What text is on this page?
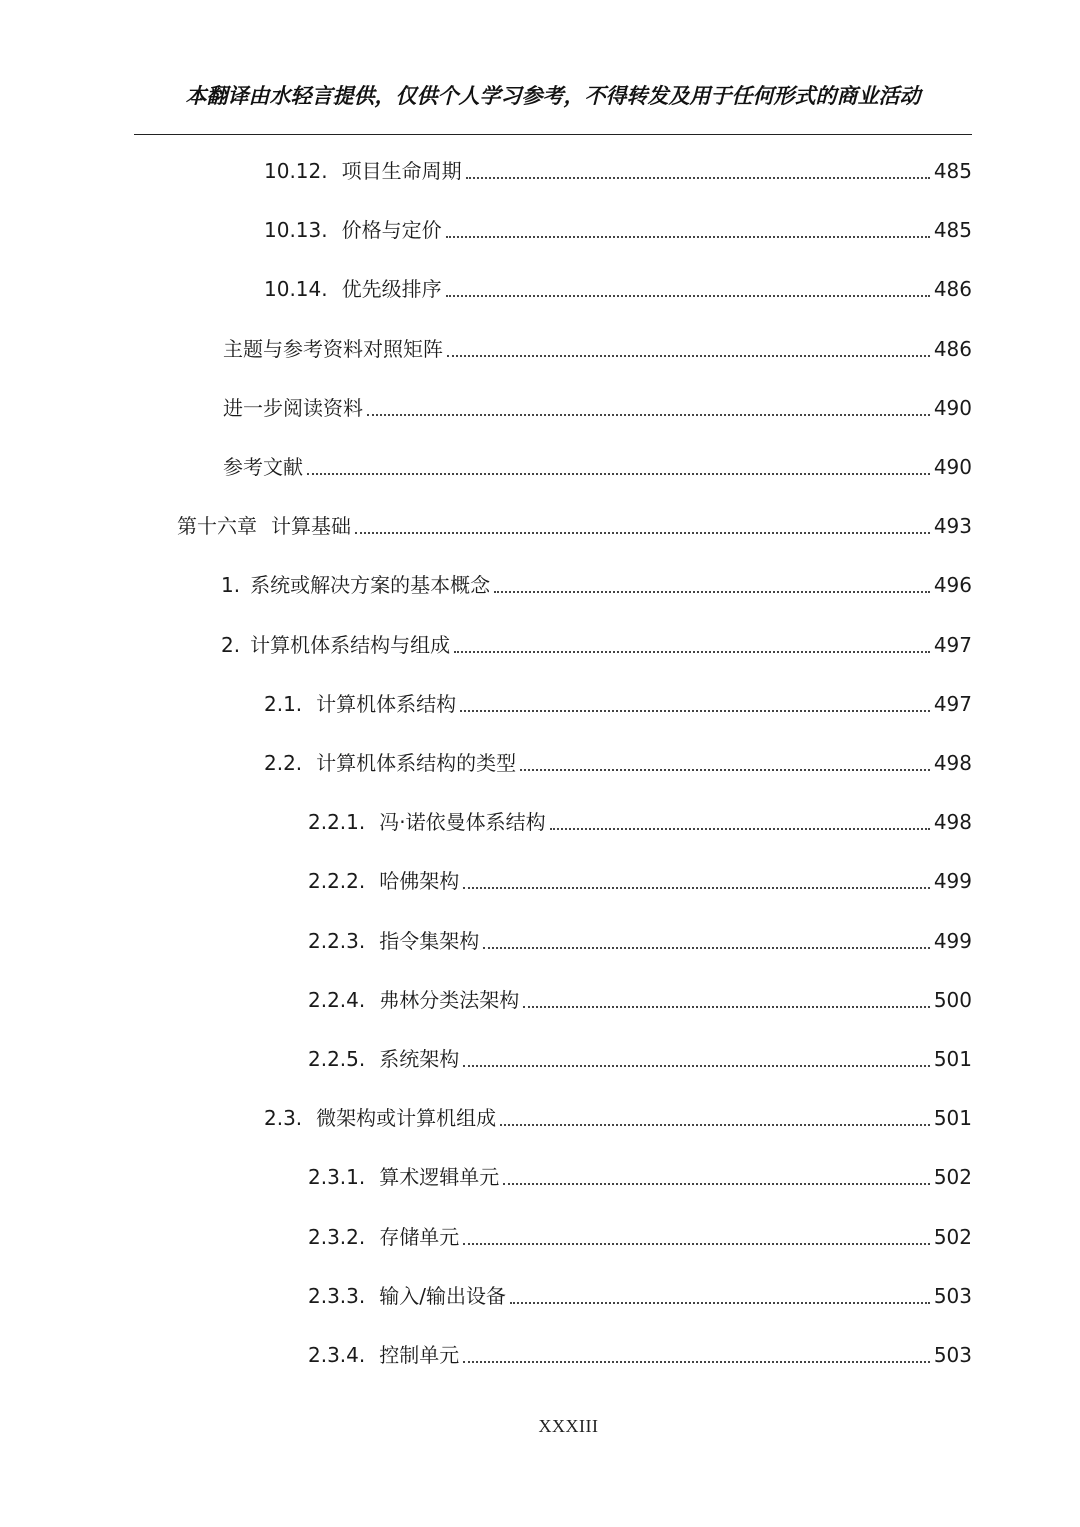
本翻译由水轻言提供，仅供个人学习参考，不得转发及用于任何形式的商业活动
10.12. 项目生命周期	485
10.13. 价格与定价	485
10.14. 优先级排序	486
主题与参考资料对照矩阵	486
进一步阅读资料	490
参考文献	490
第十六章 计算基础	493
1. 系统或解决方案的基本概念	496
2. 计算机体系结构与组成	497
2.1. 计算机体系结构	497
2.2. 计算机体系结构的类型	498
2.2.1. 冯·诺依曼体系结构	498
2.2.2. 哈佛架构	499
2.2.3. 指令集架构	499
2.2.4. 弗林分类法架构	500
2.2.5. 系统架构	501
2.3. 微架构或计算机组成	501
2.3.1. 算术逻辑单元	502
2.3.2. 存储单元	502
2.3.3. 输入/输出设备	503
2.3.4. 控制单元	503
XXXIII
